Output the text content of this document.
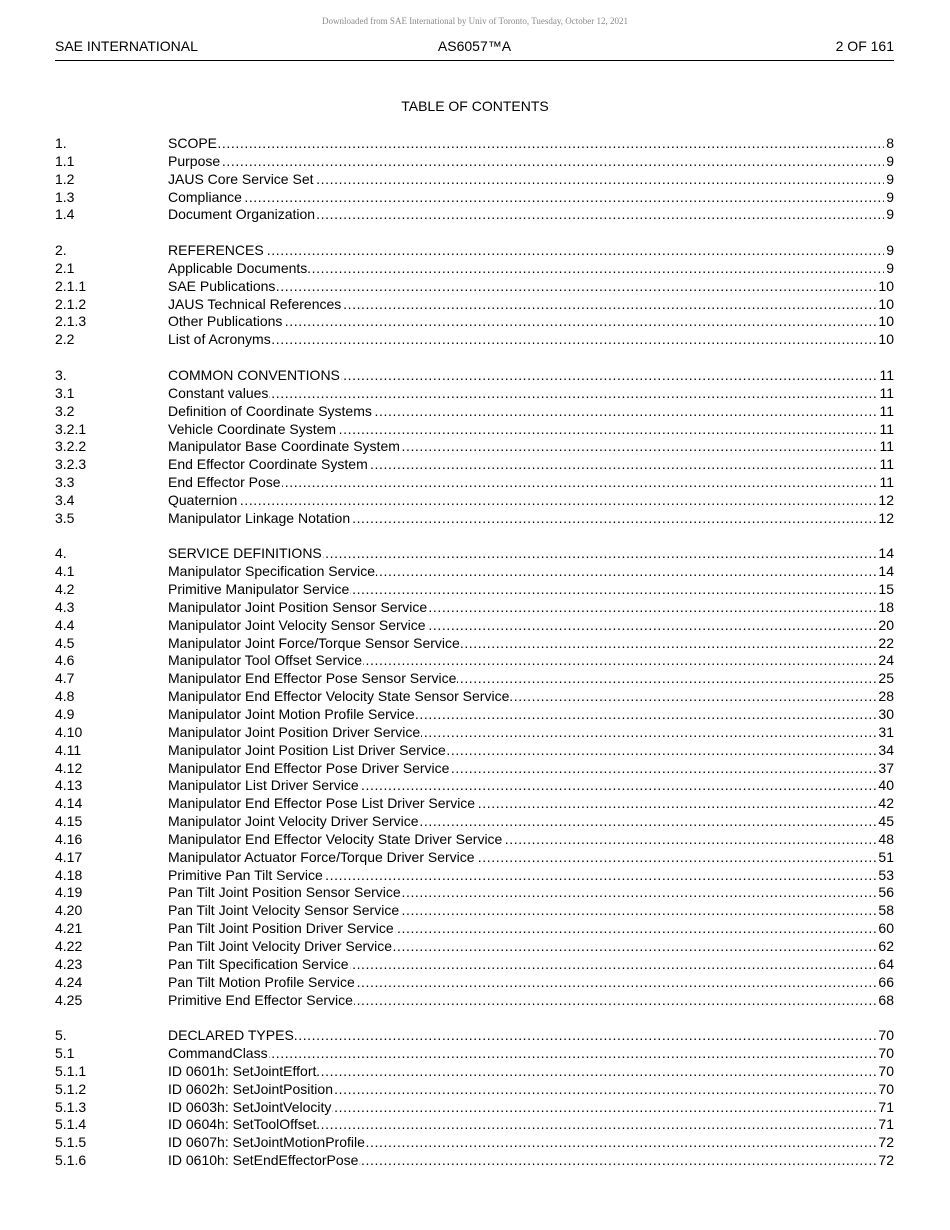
Downloaded from SAE International by Univ of Toronto, Tuesday, October 12, 2021
SAE INTERNATIONAL	AS6057™A	2 OF 161
TABLE OF CONTENTS
1.	SCOPE .....	8
1.1	Purpose .....	9
1.2	JAUS Core Service Set .....	9
1.3	Compliance .....	9
1.4	Document Organization .....	9
2.	REFERENCES .....	9
2.1	Applicable Documents .....	9
2.1.1	SAE Publications .....	10
2.1.2	JAUS Technical References .....	10
2.1.3	Other Publications .....	10
2.2	List of Acronyms .....	10
3.	COMMON CONVENTIONS .....	11
3.1	Constant values .....	11
3.2	Definition of Coordinate Systems .....	11
3.2.1	Vehicle Coordinate System .....	11
3.2.2	Manipulator Base Coordinate System .....	11
3.2.3	End Effector Coordinate System .....	11
3.3	End Effector Pose .....	11
3.4	Quaternion .....	12
3.5	Manipulator Linkage Notation .....	12
4.	SERVICE DEFINITIONS .....	14
4.1	Manipulator Specification Service .....	14
4.2	Primitive Manipulator Service .....	15
4.3	Manipulator Joint Position Sensor Service .....	18
4.4	Manipulator Joint Velocity Sensor Service .....	20
4.5	Manipulator Joint Force/Torque Sensor Service .....	22
4.6	Manipulator Tool Offset Service .....	24
4.7	Manipulator End Effector Pose Sensor Service .....	25
4.8	Manipulator End Effector Velocity State Sensor Service .....	28
4.9	Manipulator Joint Motion Profile Service .....	30
4.10	Manipulator Joint Position Driver Service .....	31
4.11	Manipulator Joint Position List Driver Service .....	34
4.12	Manipulator End Effector Pose Driver Service .....	37
4.13	Manipulator List Driver Service .....	40
4.14	Manipulator End Effector Pose List Driver Service .....	42
4.15	Manipulator Joint Velocity Driver Service .....	45
4.16	Manipulator End Effector Velocity State Driver Service .....	48
4.17	Manipulator Actuator Force/Torque Driver Service .....	51
4.18	Primitive Pan Tilt Service .....	53
4.19	Pan Tilt Joint Position Sensor Service .....	56
4.20	Pan Tilt Joint Velocity Sensor Service .....	58
4.21	Pan Tilt Joint Position Driver Service .....	60
4.22	Pan Tilt Joint Velocity Driver Service .....	62
4.23	Pan Tilt Specification Service .....	64
4.24	Pan Tilt Motion Profile Service .....	66
4.25	Primitive End Effector Service .....	68
5.	DECLARED TYPES .....	70
5.1	CommandClass .....	70
5.1.1	ID 0601h: SetJointEffort .....	70
5.1.2	ID 0602h: SetJointPosition .....	70
5.1.3	ID 0603h: SetJointVelocity .....	71
5.1.4	ID 0604h: SetToolOffset .....	71
5.1.5	ID 0607h: SetJointMotionProfile .....	72
5.1.6	ID 0610h: SetEndEffectorPose .....	72
